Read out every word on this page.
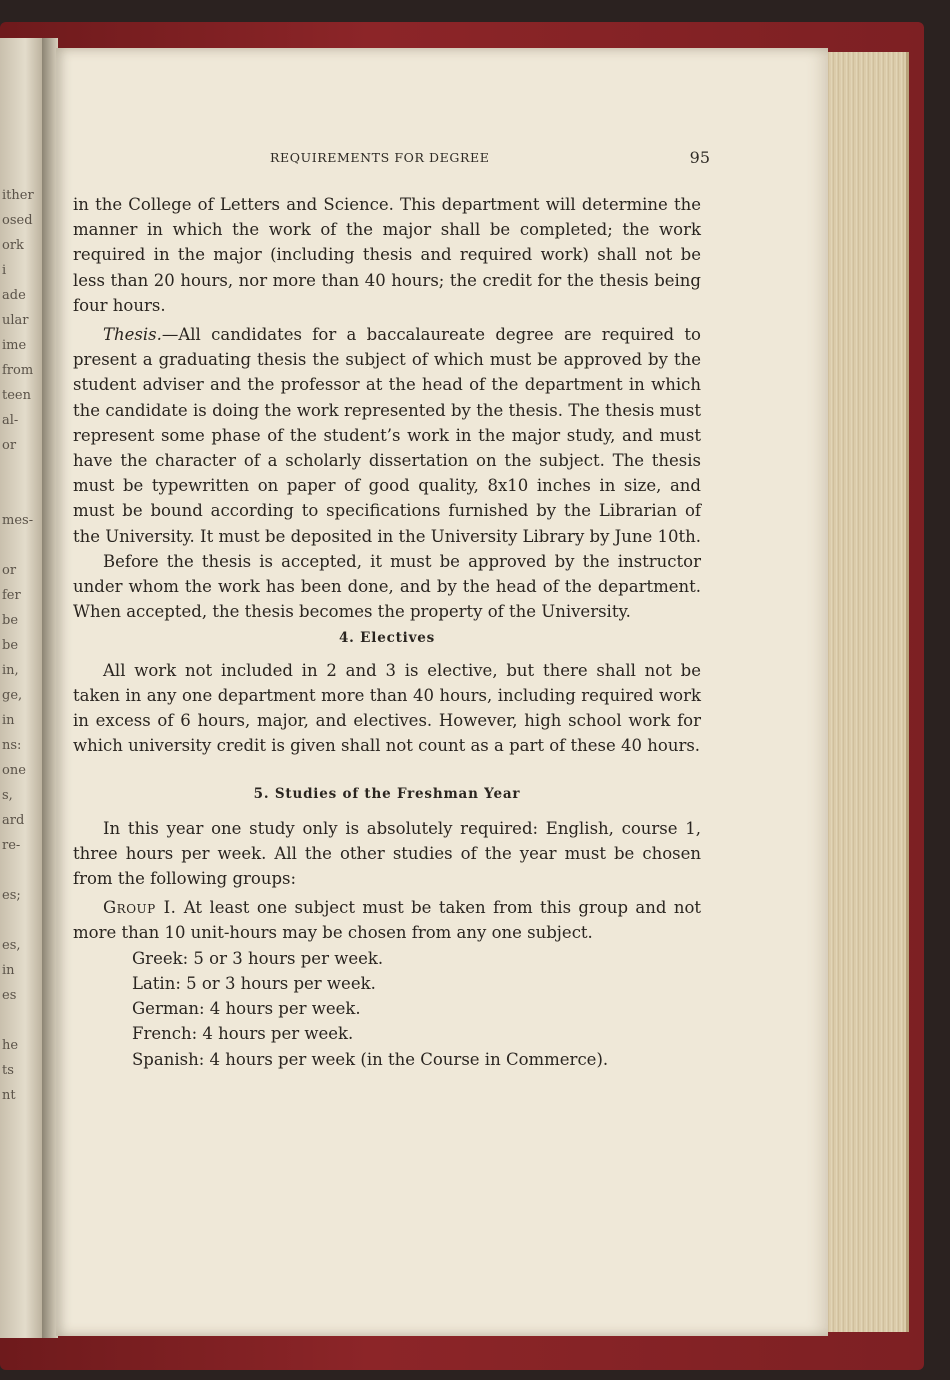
ither
osed
ork
i
ade
ular
ime
from
teen
al-
or
mes-
or
fer
be
be
in,
ge,
in
ns:
one
s,
ard
re-
es;
es,
in
es
he
ts
nt
REQUIREMENTS FOR DEGREE	95

in the College of Letters and Science. This department will determine the manner in which the work of the major shall be completed; the work required in the major (including thesis and required work) shall not be less than 20 hours, nor more than 40 hours; the credit for the thesis being four hours.

Thesis.—All candidates for a baccalaureate degree are required to present a graduating thesis the subject of which must be approved by the student adviser and the professor at the head of the department in which the candidate is doing the work represented by the thesis. The thesis must represent some phase of the student’s work in the major study, and must have the character of a scholarly dissertation on the subject. The thesis must be typewritten on paper of good quality, 8x10 inches in size, and must be bound according to specifications furnished by the Librarian of the University. It must be deposited in the University Library by June 10th.

Before the thesis is accepted, it must be approved by the instructor under whom the work has been done, and by the head of the department. When accepted, the thesis becomes the property of the University.

4. Electives

All work not included in 2 and 3 is elective, but there shall not be taken in any one department more than 40 hours, including required work in excess of 6 hours, major, and electives. However, high school work for which university credit is given shall not count as a part of these 40 hours.

5. Studies of the Freshman Year

In this year one study only is absolutely required: English, course 1, three hours per week. All the other studies of the year must be chosen from the following groups:

Group I. At least one subject must be taken from this group and not more than 10 unit-hours may be chosen from any one subject.

Greek: 5 or 3 hours per week.
Latin: 5 or 3 hours per week.
German: 4 hours per week.
French: 4 hours per week.
Spanish: 4 hours per week (in the Course in Commerce).
